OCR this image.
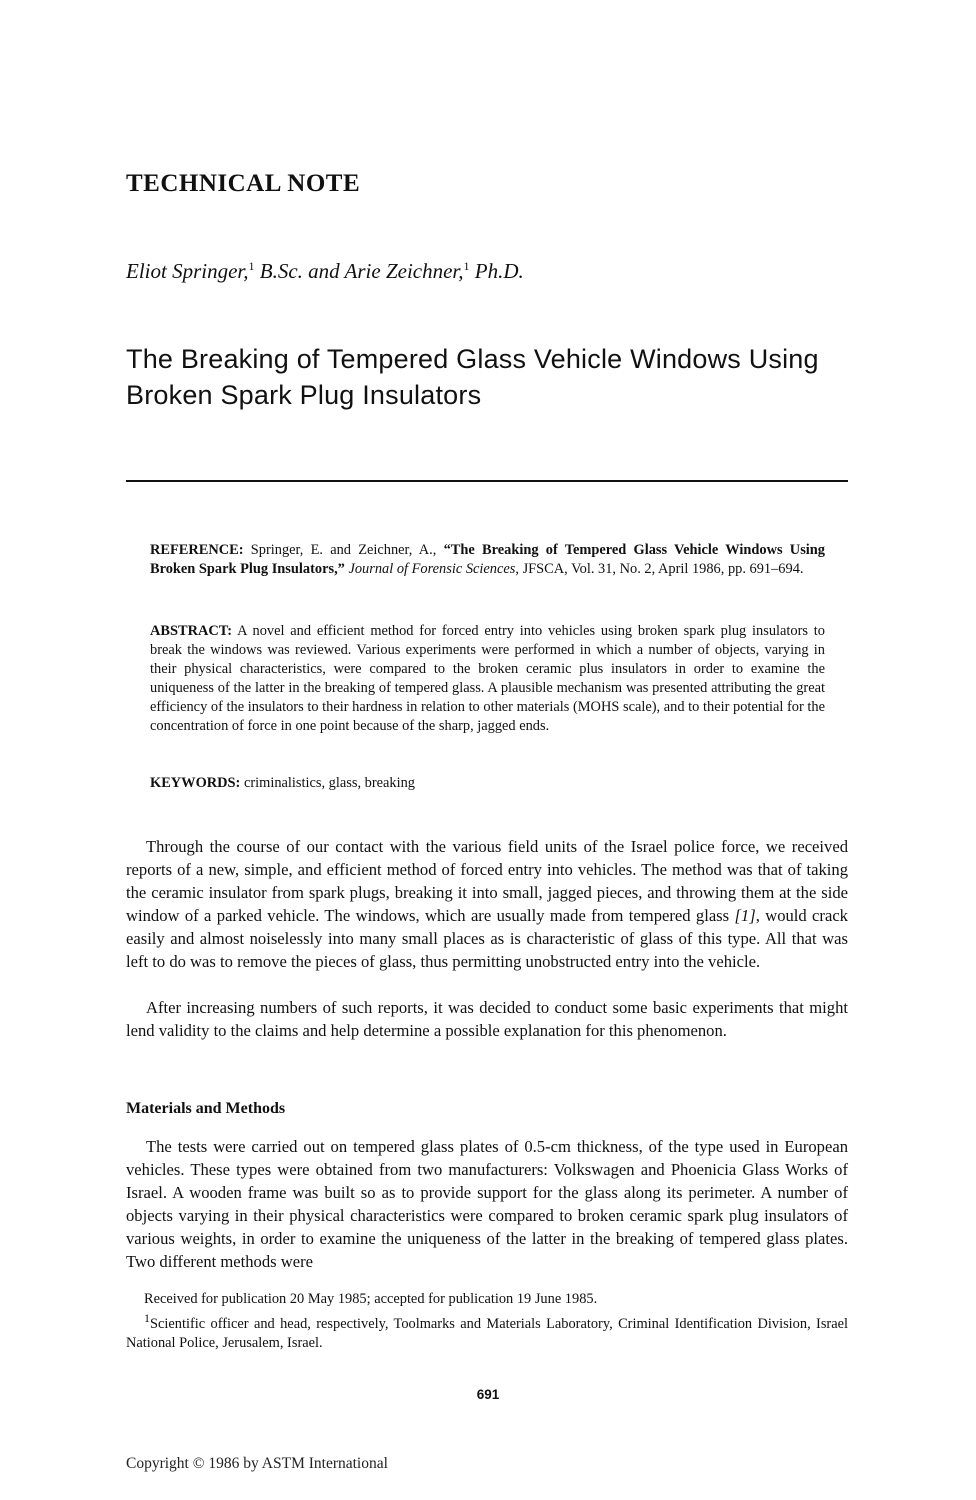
TECHNICAL NOTE
Eliot Springer,$^1$ B.Sc. and Arie Zeichner,$^1$ Ph.D.
The Breaking of Tempered Glass Vehicle Windows Using Broken Spark Plug Insulators
REFERENCE: Springer, E. and Zeichner, A., “The Breaking of Tempered Glass Vehicle Windows Using Broken Spark Plug Insulators,” Journal of Forensic Sciences, JFSCA, Vol. 31, No. 2, April 1986, pp. 691–694.
ABSTRACT: A novel and efficient method for forced entry into vehicles using broken spark plug insulators to break the windows was reviewed. Various experiments were performed in which a number of objects, varying in their physical characteristics, were compared to the broken ceramic plus insulators in order to examine the uniqueness of the latter in the breaking of tempered glass. A plausible mechanism was presented attributing the great efficiency of the insulators to their hardness in relation to other materials (MOHS scale), and to their potential for the concentration of force in one point because of the sharp, jagged ends.
KEYWORDS: criminalistics, glass, breaking

Through the course of our contact with the various field units of the Israel police force, we received reports of a new, simple, and efficient method of forced entry into vehicles. The method was that of taking the ceramic insulator from spark plugs, breaking it into small, jagged pieces, and throwing them at the side window of a parked vehicle. The windows, which are usually made from tempered glass [1], would crack easily and almost noiselessly into many small places as is characteristic of glass of this type. All that was left to do was to remove the pieces of glass, thus permitting unobstructed entry into the vehicle.

After increasing numbers of such reports, it was decided to conduct some basic experiments that might lend validity to the claims and help determine a possible explanation for this phenomenon.

Materials and Methods

The tests were carried out on tempered glass plates of 0.5-cm thickness, of the type used in European vehicles. These types were obtained from two manufacturers: Volkswagen and Phoenicia Glass Works of Israel. A wooden frame was built so as to provide support for the glass along its perimeter. A number of objects varying in their physical characteristics were compared to broken ceramic spark plug insulators of various weights, in order to examine the uniqueness of the latter in the breaking of tempered glass plates. Two different methods were

Received for publication 20 May 1985; accepted for publication 19 June 1985.
$^1$Scientific officer and head, respectively, Toolmarks and Materials Laboratory, Criminal Identification Division, Israel National Police, Jerusalem, Israel.
691
Copyright © 1986 by ASTM International
